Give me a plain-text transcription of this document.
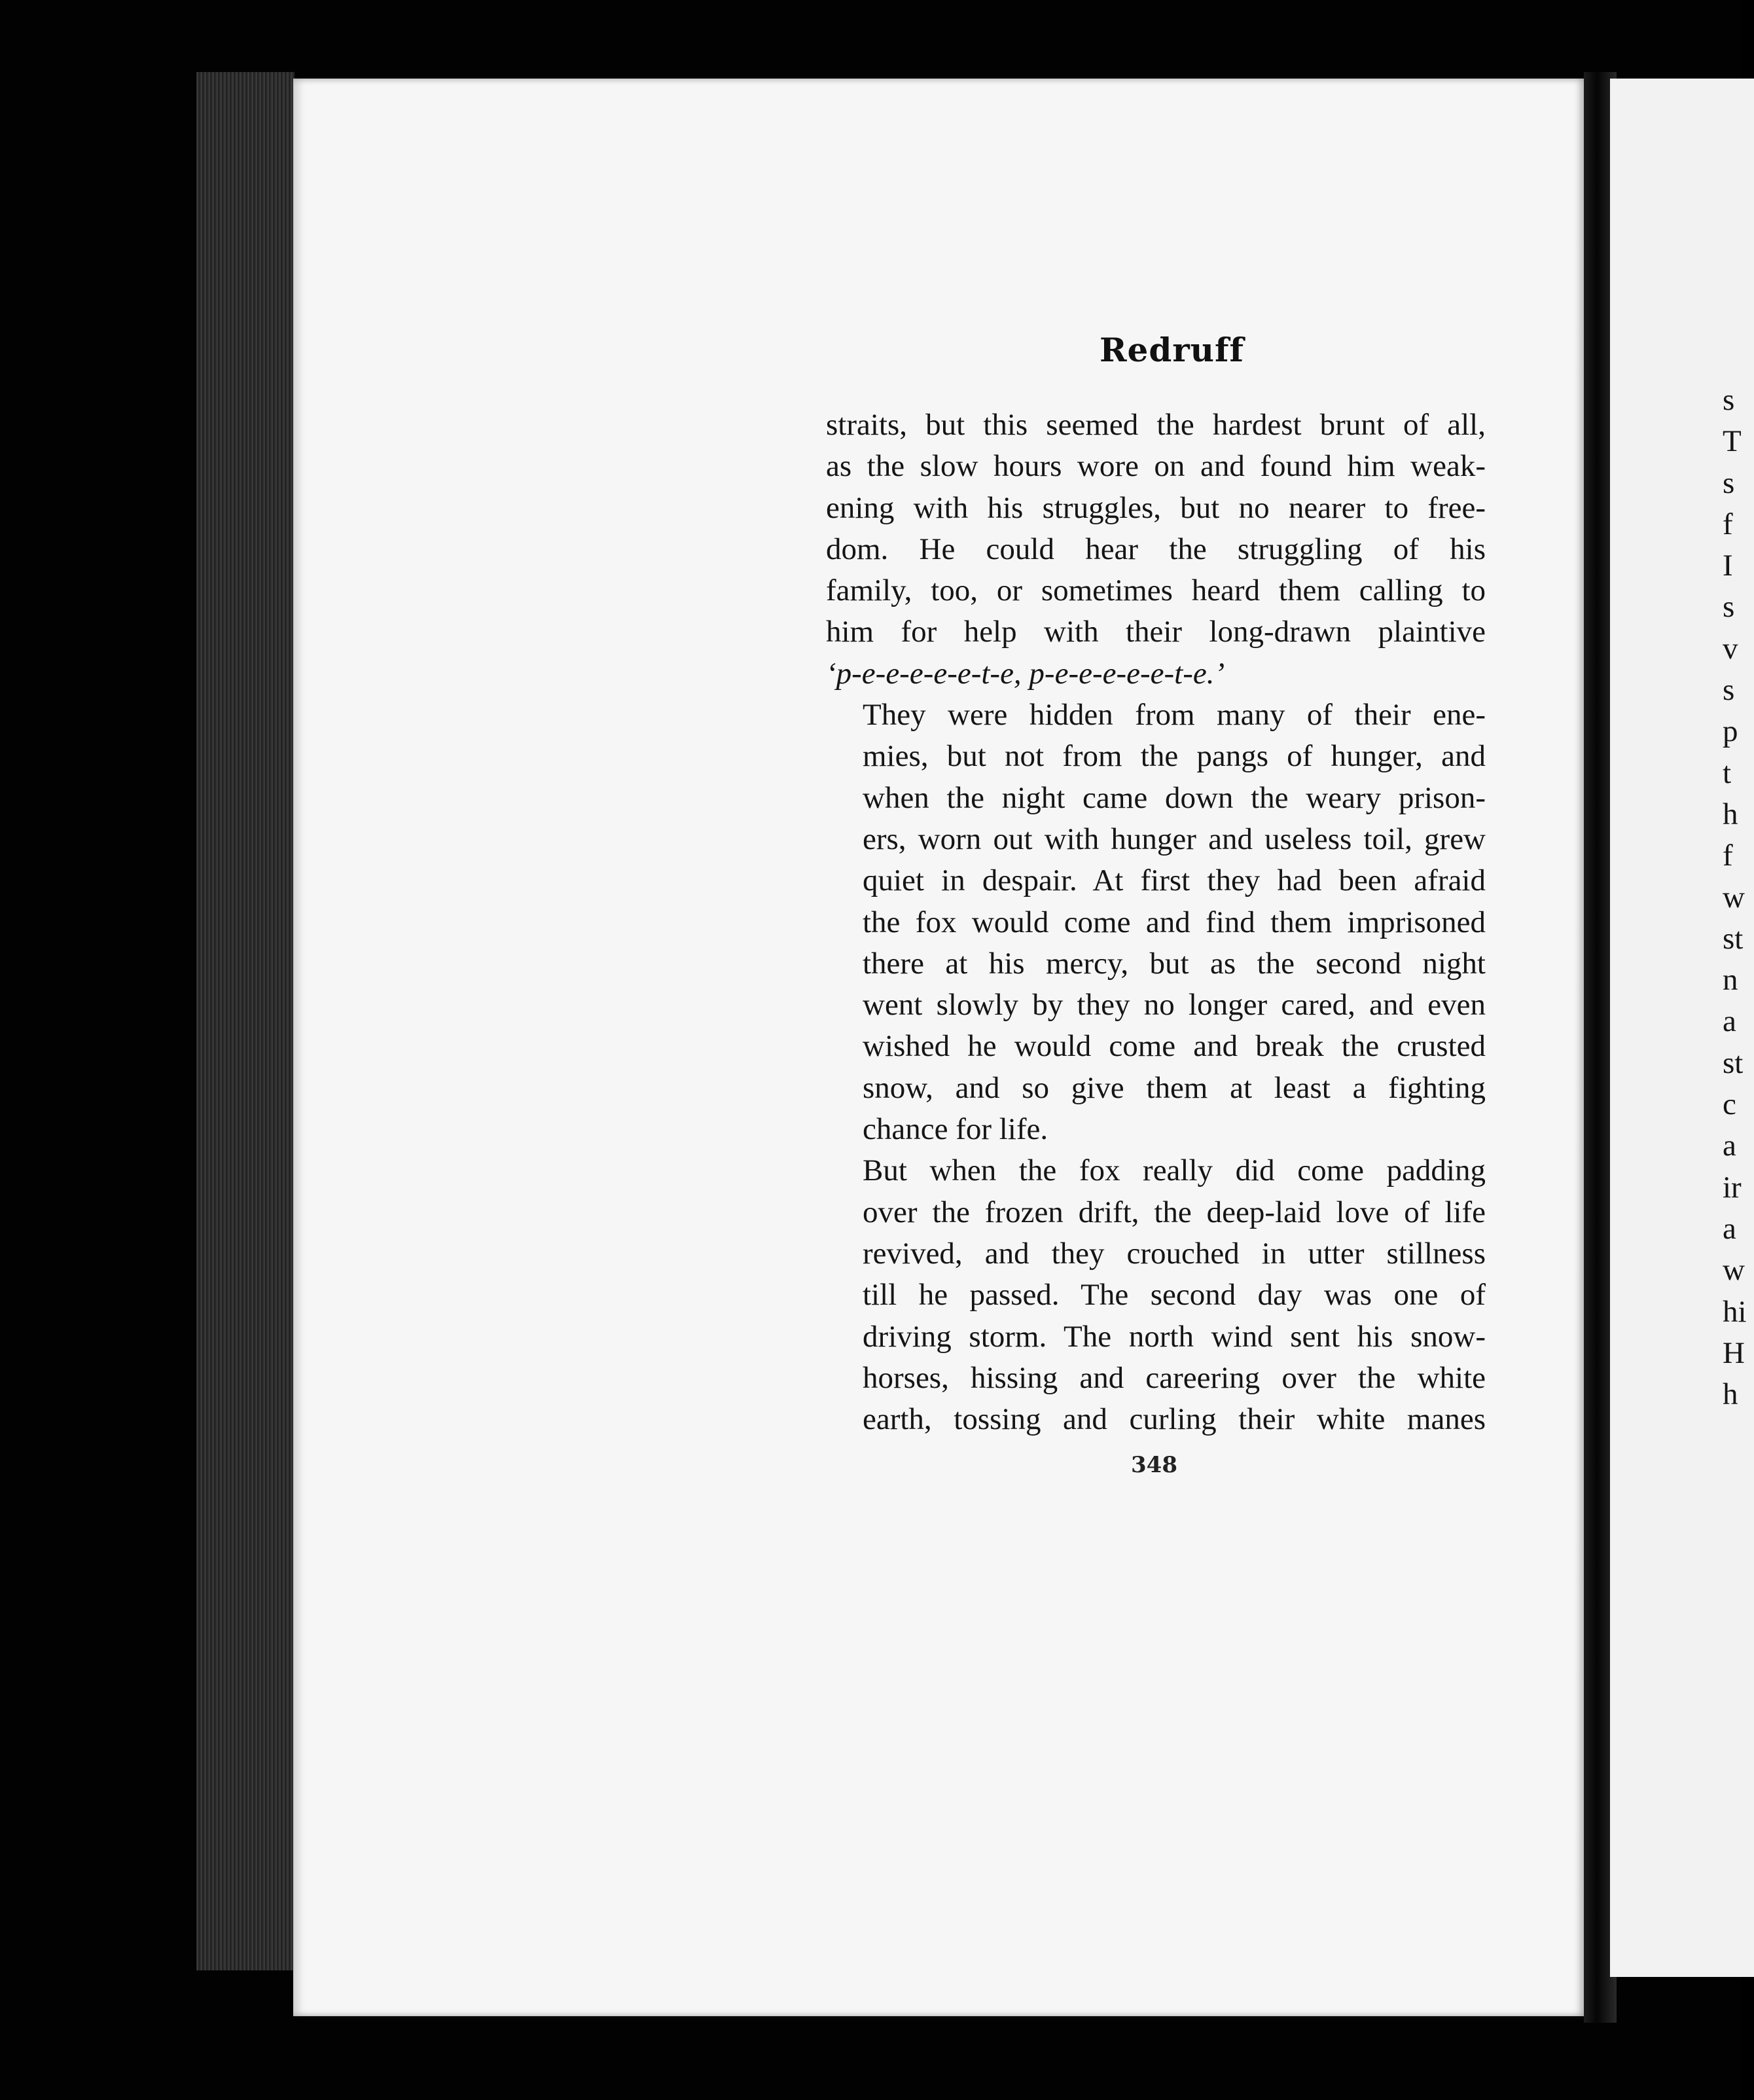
Redruff

straits, but this seemed the hardest brunt of all,
as the slow hours wore on and found him weak-
ening with his struggles, but no nearer to free-
dom. He could hear the struggling of his
family, too, or sometimes heard them calling to
him for help with their long-drawn plaintive
‘p-e-e-e-e-e-t-e, p-e-e-e-e-e-t-e.’

They were hidden from many of their ene-
mies, but not from the pangs of hunger, and
when the night came down the weary prison-
ers, worn out with hunger and useless toil, grew
quiet in despair. At first they had been afraid
the fox would come and find them imprisoned
there at his mercy, but as the second night
went slowly by they no longer cared, and even
wished he would come and break the crusted
snow, and so give them at least a fighting
chance for life.

But when the fox really did come padding
over the frozen drift, the deep-laid love of life
revived, and they crouched in utter stillness
till he passed. The second day was one of
driving storm. The north wind sent his snow-
horses, hissing and careering over the white
earth, tossing and curling their white manes

348
s
T
s
f
I
s
v
s
p
t
h
f
w
st
n
a
st
c
a
ir
a
w
hi
H
h
